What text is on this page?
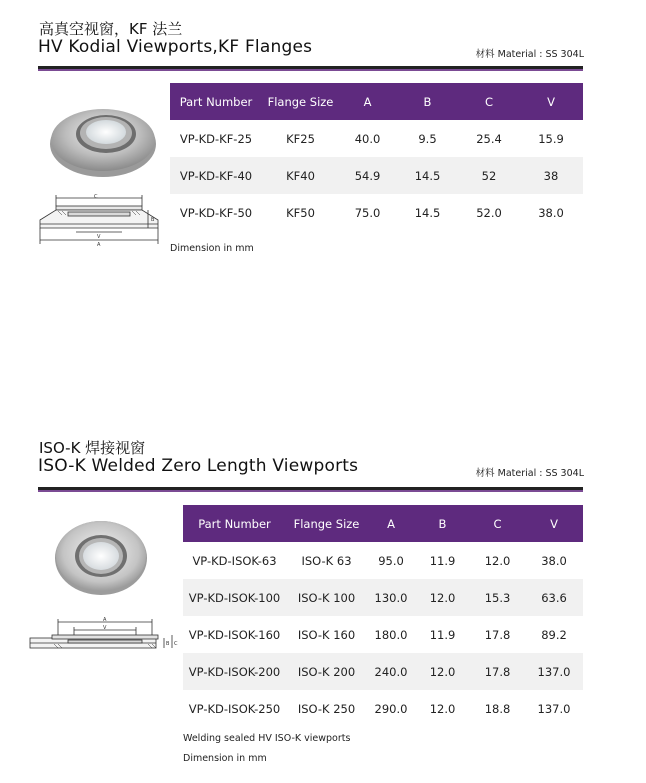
高真空视窗，KF 法兰
HV Kodial Viewports,KF Flanges	材料 Material : SS 304L
C
B
V
A
Part Number	Flange Size	A	B	C	V
VP-KD-KF-25	KF25	40.0	9.5	25.4	15.9
VP-KD-KF-40	KF40	54.9	14.5	52	38
VP-KD-KF-50	KF50	75.0	14.5	52.0	38.0
Dimension in mm
ISO-K 焊接视窗
ISO-K Welded Zero Length Viewports	材料 Material : SS 304L
A
V
B C
Part Number	Flange Size	A	B	C	V
VP-KD-ISOK-63	ISO-K 63	95.0	11.9	12.0	38.0
VP-KD-ISOK-100	ISO-K 100	130.0	12.0	15.3	63.6
VP-KD-ISOK-160	ISO-K 160	180.0	11.9	17.8	89.2
VP-KD-ISOK-200	ISO-K 200	240.0	12.0	17.8	137.0
VP-KD-ISOK-250	ISO-K 250	290.0	12.0	18.8	137.0
Welding sealed HV ISO-K viewports
Dimension in mm
